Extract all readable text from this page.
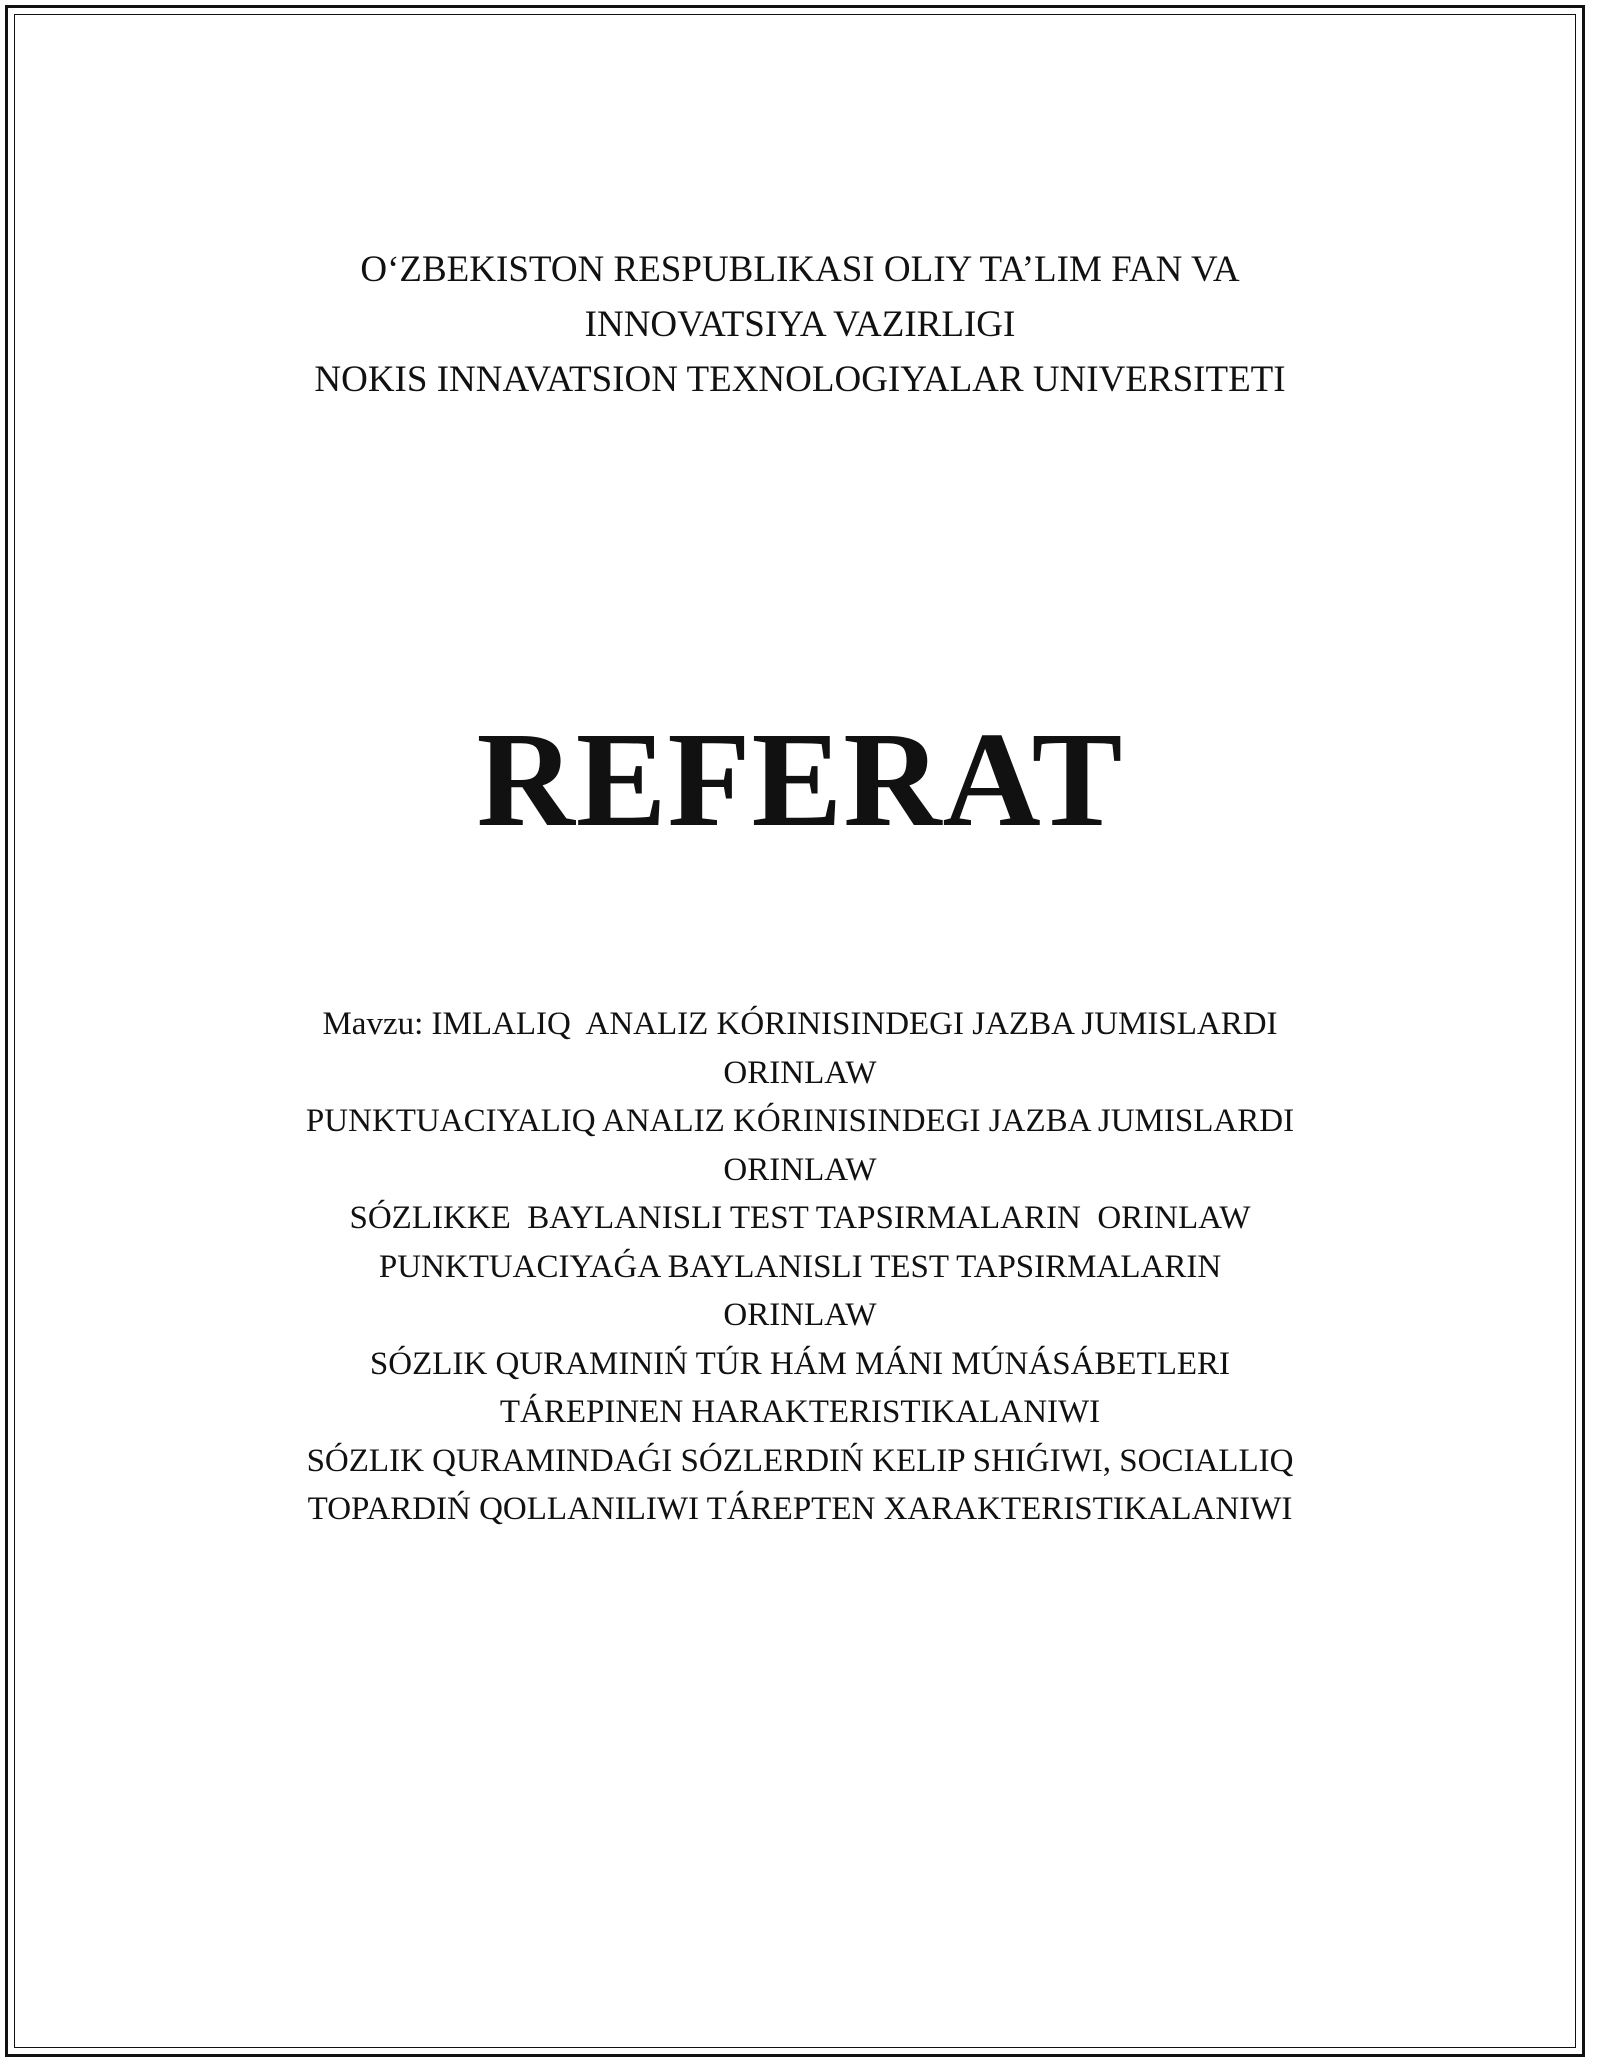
O‘ZBEKISTON RESPUBLIKASI OLIY TA’LIM FAN VA
INNOVATSIYA VAZIRLIGI
NOKIS INNAVATSION TEXNOLOGIYALAR UNIVERSITETI
REFERAT
Mavzu: IMLALIQ  ANALIZ KÓRINISINDEGI JAZBA JUMISLARDI
ORINLAW
PUNKTUACIYALIQ ANALIZ KÓRINISINDEGI JAZBA JUMISLARDI
ORINLAW
SÓZLIKKE  BAYLANISLI TEST TAPSIRMALARIN  ORINLAW
PUNKTUACIYAǴA BAYLANISLI TEST TAPSIRMALARIN
ORINLAW
SÓZLIK QURAMINIŃ TÚR HÁM MÁNI MÚNÁSÁBETLERI
TÁREPINEN HARAKTERISTIKALANIWI
SÓZLIK QURAMINDAǴI SÓZLERDIŃ KELIP SHIǴIWI, SOCIALLIQ
TOPARDIŃ QOLLANILIWI TÁREPTEN XARAKTERISTIKALANIWI
